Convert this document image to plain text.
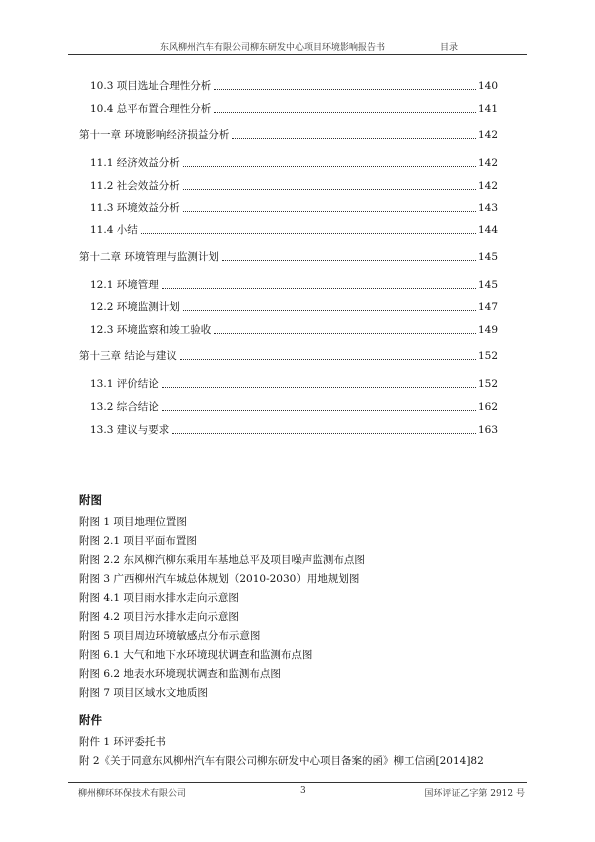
东风柳州汽车有限公司柳东研发中心项目环境影响报告书	目录
10.3 项目选址合理性分析	140
10.4 总平布置合理性分析	141
第十一章 环境影响经济损益分析	142
11.1 经济效益分析	142
11.2 社会效益分析	142
11.3 环境效益分析	143
11.4 小结	144
第十二章 环境管理与监测计划	145
12.1 环境管理	145
12.2 环境监测计划	147
12.3 环境监察和竣工验收	149
第十三章 结论与建议	152
13.1 评价结论	152
13.2 综合结论	162
13.3 建议与要求	163
附图
附图 1 项目地理位置图
附图 2.1 项目平面布置图
附图 2.2 东风柳汽柳东乘用车基地总平及项目噪声监测布点图
附图 3 广西柳州汽车城总体规划（2010-2030）用地规划图
附图 4.1 项目雨水排水走向示意图
附图 4.2 项目污水排水走向示意图
附图 5 项目周边环境敏感点分布示意图
附图 6.1 大气和地下水环境现状调查和监测布点图
附图 6.2 地表水环境现状调查和监测布点图
附图 7 项目区域水文地质图
附件
附件 1 环评委托书
附 2《关于同意东风柳州汽车有限公司柳东研发中心项目备案的函》柳工信函[2014]82
柳州柳环环保技术有限公司	3	国环评证乙字第 2912 号
